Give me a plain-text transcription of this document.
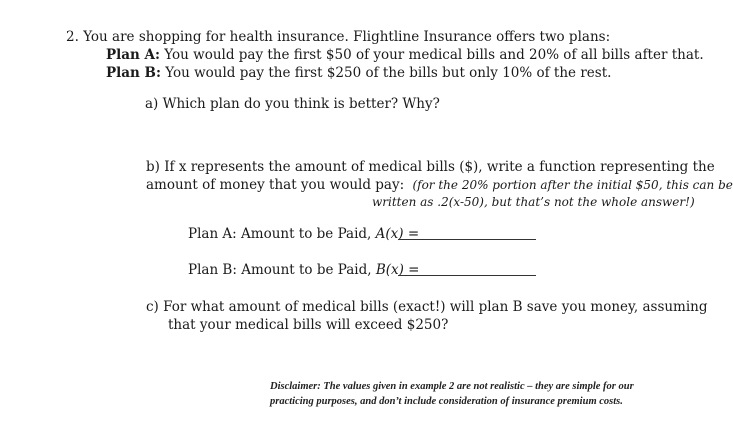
2. You are shopping for health insurance. Flightline Insurance offers two plans:
Plan A: You would pay the first $50 of your medical bills and 20% of all bills after that.
Plan B: You would pay the first $250 of the bills but only 10% of the rest.
a) Which plan do you think is better? Why?
b) If x represents the amount of medical bills ($), write a function representing the
amount of money that you would pay: (for the 20% portion after the initial $50, this can be
written as .2(x-50), but that’s not the whole answer!)
Plan A: Amount to be Paid, A(x) =
Plan B: Amount to be Paid, B(x) =
c) For what amount of medical bills (exact!) will plan B save you money, assuming
that your medical bills will exceed $250?
Disclaimer: The values given in example 2 are not realistic – they are simple for our
practicing purposes, and don’t include consideration of insurance premium costs.
